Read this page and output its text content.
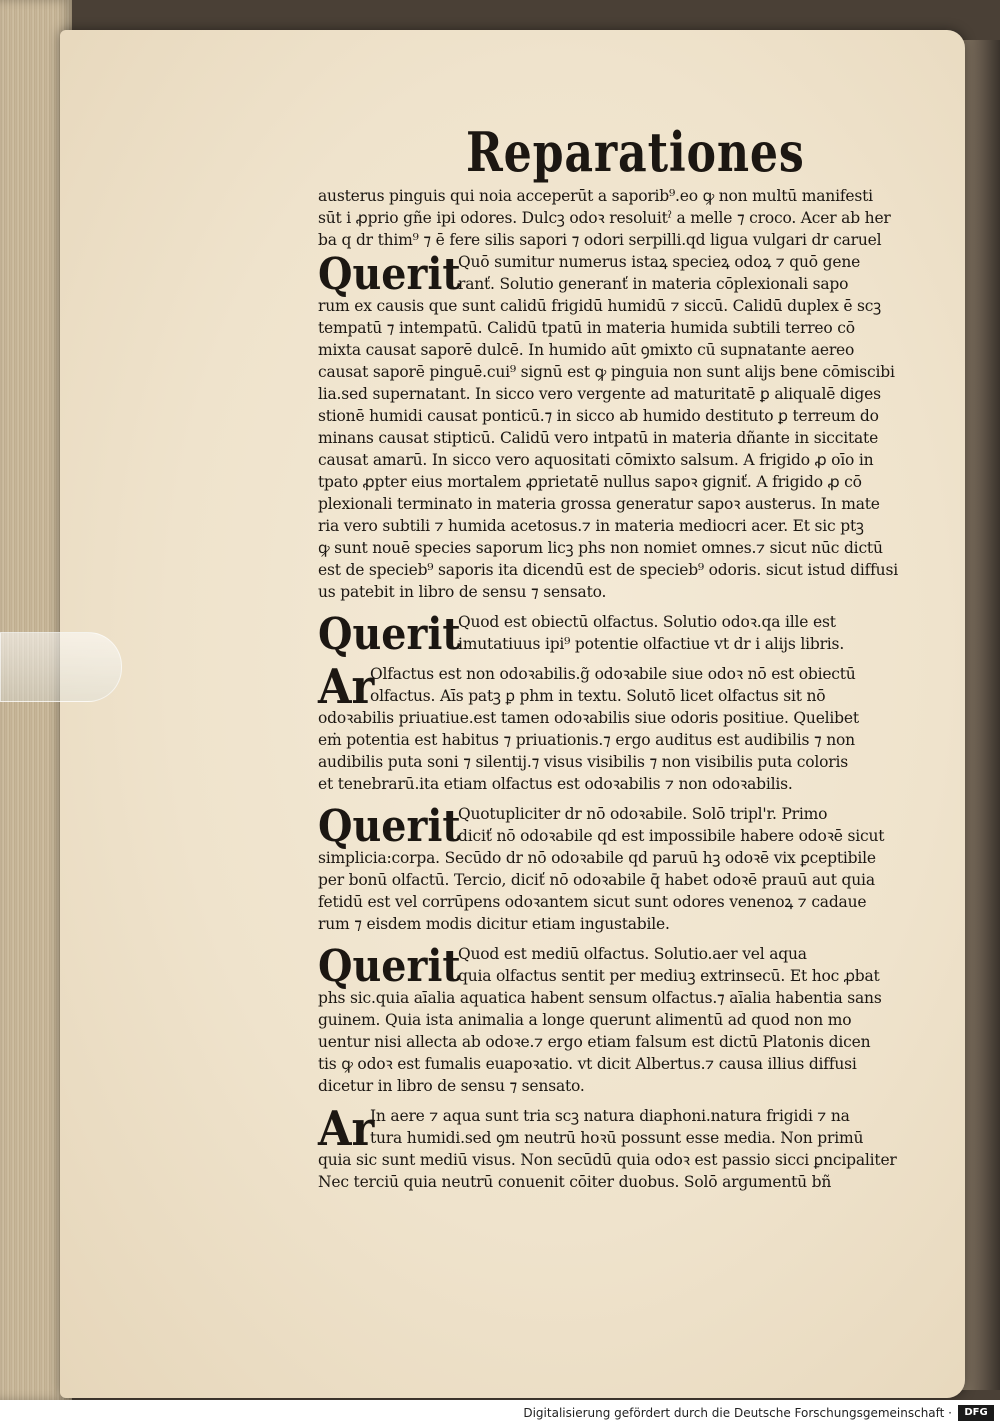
Reparationes
austerus pinguis qui noia acceperūt a saporib⁹.eo ꝙ non multū manifesti
sūt i ꝓprio gñe ipi odores. Dulcꝫ odoꝛ resoluitˀ a melle ⁊ croco. Acer ab her
ba q dr thim⁹ ⁊ ē fere silis sapori ⁊ odori serpilli.qd ligua vulgari dr caruel
Querit
Quō sumitur numerus istaꝝ specieꝝ odoꝝ ⁊ quō gene
ranť. Solutio generanť in materia cōplexionali sapo
rum ex causis que sunt calidū frigidū humidū ⁊ siccū. Calidū duplex ē scꝫ
tempatū ⁊ intempatū. Calidū tpatū in materia humida subtili terreo cō
mixta causat saporē dulcē. In humido aūt ꝯmixto cū supnatante aereo
causat saporē pinguē.cui⁹ signū est ꝙ pinguia non sunt alijs bene cōmiscibi
lia.sed supernatant. In sicco vero vergente ad maturitatē ꝑ aliqualē diges
stionē humidi causat ponticū.⁊ in sicco ab humido destituto ꝑ terreum do
minans causat stipticū. Calidū vero intpatū in materia dñante in siccitate
causat amarū. In sicco vero aquositati cōmixto salsum. A frigido ꝓ oīo in
tpato ꝓpter eius mortalem ꝓprietatē nullus sapoꝛ gigniť. A frigido ꝓ cō
plexionali terminato in materia grossa generatur sapoꝛ austerus. In mate
ria vero subtili ⁊ humida acetosus.⁊ in materia mediocri acer. Et sic ptꝫ
ꝙ sunt nouē species saporum licꝫ phs non nomiet omnes.⁊ sicut nūc dictū
est de specieb⁹ saporis ita dicendū est de specieb⁹ odoris. sicut istud diffusi
us patebit in libro de sensu ⁊ sensato.
Querit
Quod est obiectū olfactus. Solutio odoꝛ.qa ille est
imutatiuus ipi⁹ potentie olfactiue vt dr i alijs libris.
Ar
Olfactus est non odoꝛabilis.g̃ odoꝛabile siue odoꝛ nō est obiectū
olfactus. Aīs patꝫ ꝑ phm in textu. Solutō licet olfactus sit nō
odoꝛabilis priuatiue.est tamen odoꝛabilis siue odoris positiue. Quelibet
eṁ potentia est habitus ⁊ priuationis.⁊ ergo auditus est audibilis ⁊ non
audibilis puta soni ⁊ silentij.⁊ visus visibilis ⁊ non visibilis puta coloris
et tenebrarū.ita etiam olfactus est odoꝛabilis ⁊ non odoꝛabilis.
Querit
Quotupliciter dr nō odoꝛabile. Solō tripl'r. Primo
diciť nō odoꝛabile qd est impossibile habere odoꝛē sicut
simplicia:corpa. Secūdo dr nō odoꝛabile qd paruū hꝫ odoꝛē vix ꝑceptibile
per bonū olfactū. Tercio, diciť nō odoꝛabile q̄ habet odoꝛē prauū aut quia
fetidū est vel corrūpens odoꝛantem sicut sunt odores venenoꝝ ⁊ cadaue
rum ⁊ eisdem modis dicitur etiam ingustabile.
Querit
Quod est mediū olfactus. Solutio.aer vel aqua
quia olfactus sentit per mediuꝫ extrinsecū. Et hoc ꝓbat
phs sic.quia aīalia aquatica habent sensum olfactus.⁊ aīalia habentia sans
guinem. Quia ista animalia a longe querunt alimentū ad quod non mo
uentur nisi allecta ab odoꝛe.⁊ ergo etiam falsum est dictū Platonis dicen
tis ꝙ odoꝛ est fumalis euapoꝛatio. vt dicit Albertus.⁊ causa illius diffusi
dicetur in libro de sensu ⁊ sensato.
Ar
In aere ⁊ aqua sunt tria scꝫ natura diaphoni.natura frigidi ⁊ na
tura humidi.sed ꝯm neutrū hoꝛū possunt esse media. Non primū
quia sic sunt mediū visus. Non secūdū quia odoꝛ est passio sicci ꝑncipaliter
Nec terciū quia neutrū conuenit cōiter duobus. Solō argumentū bñ
Digitalisierung gefördert durch die Deutsche Forschungsgemeinschaft ·	DFG
